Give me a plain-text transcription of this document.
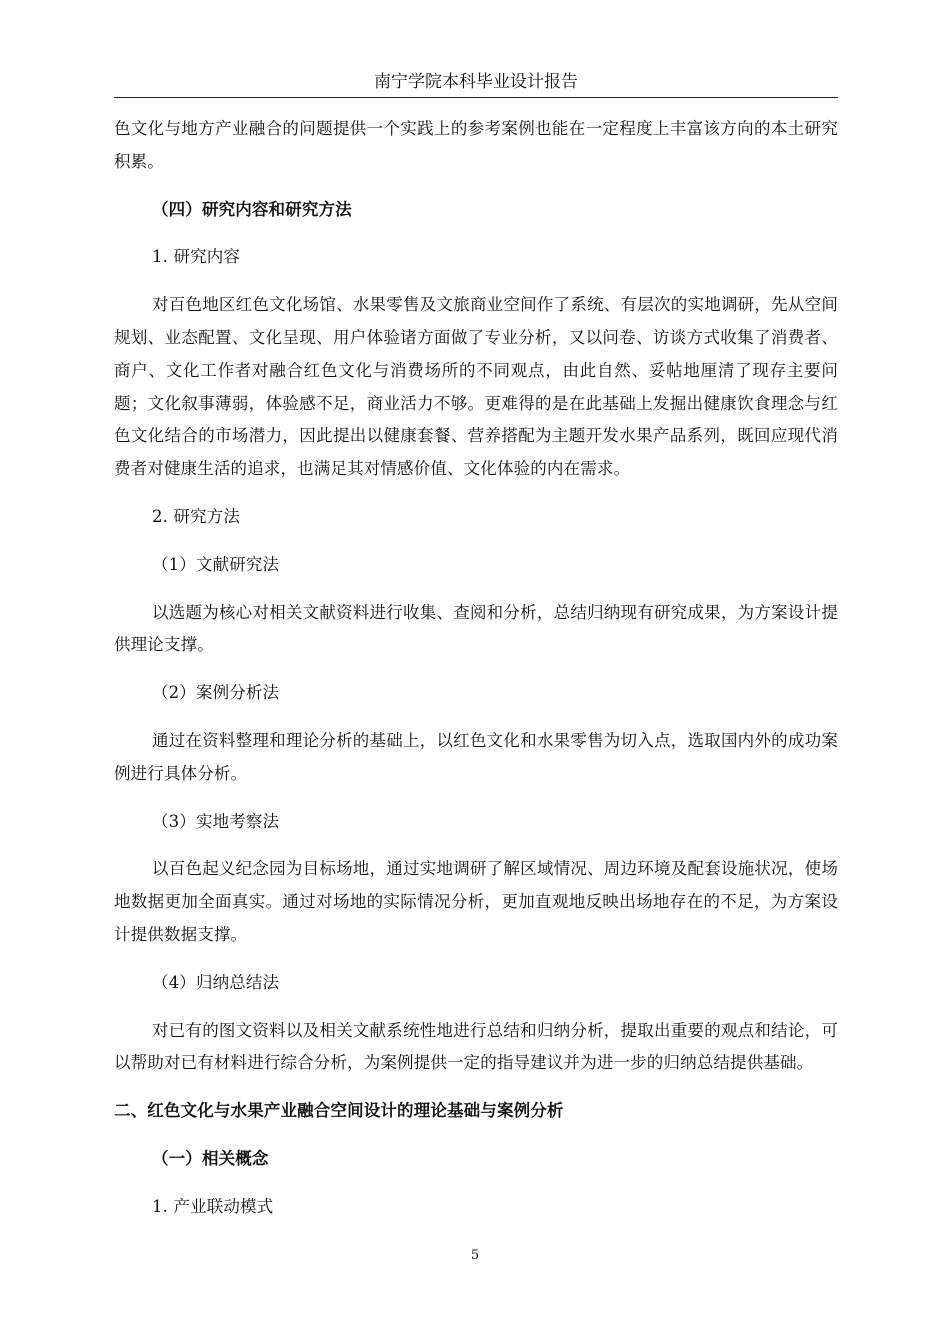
南宁学院本科毕业设计报告

色文化与地方产业融合的问题提供一个实践上的参考案例也能在一定程度上丰富该方向的本土研究积累。

（四）研究内容和研究方法

1. 研究内容

对百色地区红色文化场馆、水果零售及文旅商业空间作了系统、有层次的实地调研，先从空间规划、业态配置、文化呈现、用户体验诸方面做了专业分析，又以问卷、访谈方式收集了消费者、商户、文化工作者对融合红色文化与消费场所的不同观点，由此自然、妥帖地厘清了现存主要问题；文化叙事薄弱，体验感不足，商业活力不够。更难得的是在此基础上发掘出健康饮食理念与红色文化结合的市场潜力，因此提出以健康套餐、营养搭配为主题开发水果产品系列，既回应现代消费者对健康生活的追求，也满足其对情感价值、文化体验的内在需求。

2. 研究方法

（1）文献研究法

以选题为核心对相关文献资料进行收集、查阅和分析，总结归纳现有研究成果，为方案设计提供理论支撑。

（2）案例分析法

通过在资料整理和理论分析的基础上，以红色文化和水果零售为切入点，选取国内外的成功案例进行具体分析。

（3）实地考察法

以百色起义纪念园为目标场地，通过实地调研了解区域情况、周边环境及配套设施状况，使场地数据更加全面真实。通过对场地的实际情况分析，更加直观地反映出场地存在的不足，为方案设计提供数据支撑。

（4）归纳总结法

对已有的图文资料以及相关文献系统性地进行总结和归纳分析，提取出重要的观点和结论，可以帮助对已有材料进行综合分析，为案例提供一定的指导建议并为进一步的归纳总结提供基础。

二、红色文化与水果产业融合空间设计的理论基础与案例分析

（一）相关概念

1. 产业联动模式

5
